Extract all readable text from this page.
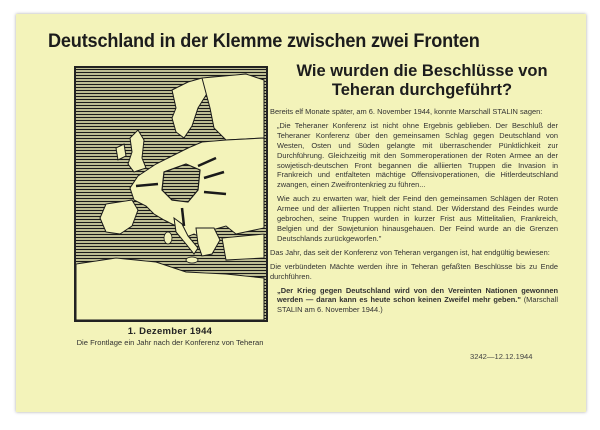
Deutschland in der Klemme zwischen zwei Fronten
1. Dezember 1944
Die Frontlage ein Jahr nach der Konferenz von Teheran
Wie wurden die Beschlüsse von Teheran durchgeführt?

Bereits elf Monate später, am 6. November 1944, konnte Marschall STALIN sagen:

„Die Teheraner Konferenz ist nicht ohne Ergebnis geblieben. Der Beschluß der Teheraner Konferenz über den gemeinsamen Schlag gegen Deutschland von Westen, Osten und Süden gelangte mit überraschender Pünktlichkeit zur Durchführung. Gleichzeitig mit den Sommeroperationen der Roten Armee an der sowjetisch-deutschen Front begannen die alliierten Truppen die Invasion in Frankreich und entfalteten mächtige Offensivoperationen, die Hitlerdeutschland zwangen, einen Zweifrontenkrieg zu führen...

Wie auch zu erwarten war, hielt der Feind den gemeinsamen Schlägen der Roten Armee und der alliierten Truppen nicht stand. Der Widerstand des Feindes wurde gebrochen, seine Truppen wurden in kurzer Frist aus Mittelitalien, Frankreich, Belgien und der Sowjetunion hinausgehauen. Der Feind wurde an die Grenzen Deutschlands zurückgeworfen."

Das Jahr, das seit der Konferenz von Teheran vergangen ist, hat endgültig bewiesen:

Die verbündeten Mächte werden ihre in Teheran gefaßten Beschlüsse bis zu Ende durchführen.

„Der Krieg gegen Deutschland wird von den Vereinten Nationen gewonnen werden — daran kann es heute schon keinen Zweifel mehr geben." (Marschall STALIN am 6. November 1944.)

3242—12.12.1944
